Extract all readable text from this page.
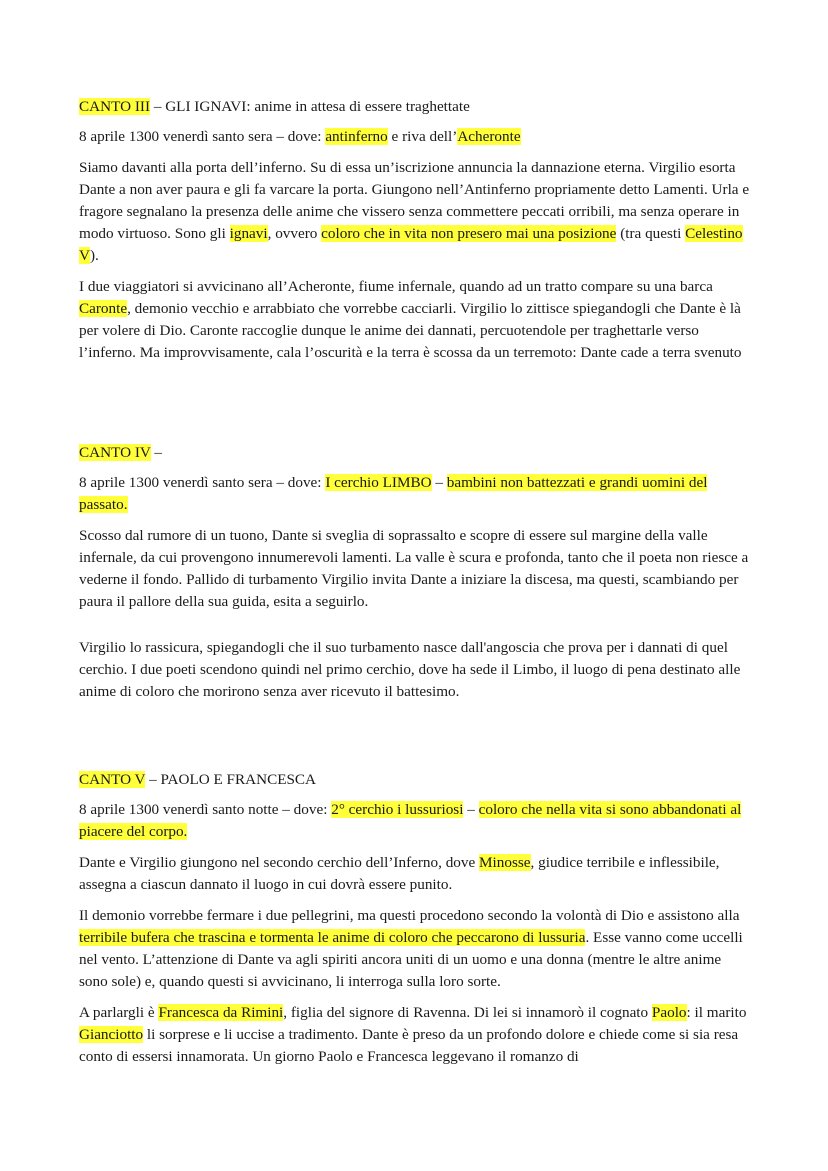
CANTO III – GLI IGNAVI: anime in attesa di essere traghettate

8 aprile 1300 venerdì santo sera – dove: antinferno e riva dell’Acheronte

Siamo davanti alla porta dell’inferno. Su di essa un’iscrizione annuncia la dannazione eterna. Virgilio esorta Dante a non aver paura e gli fa varcare la porta. Giungono nell’Antinferno propriamente detto Lamenti. Urla e fragore segnalano la presenza delle anime che vissero senza commettere peccati orribili, ma senza operare in modo virtuoso. Sono gli ignavi, ovvero coloro che in vita non presero mai una posizione (tra questi Celestino V).

I due viaggiatori si avvicinano all’Acheronte, fiume infernale, quando ad un tratto compare su una barca Caronte, demonio vecchio e arrabbiato che vorrebbe cacciarli. Virgilio lo zittisce spiegandogli che Dante è là per volere di Dio. Caronte raccoglie dunque le anime dei dannati, percuotendole per traghettarle verso l’inferno. Ma improvvisamente, cala l’oscurità e la terra è scossa da un terremoto: Dante cade a terra svenuto

CANTO IV –

8 aprile 1300 venerdì santo sera – dove: I cerchio LIMBO – bambini non battezzati e grandi uomini del passato.

Scosso dal rumore di un tuono, Dante si sveglia di soprassalto e scopre di essere sul margine della valle infernale, da cui provengono innumerevoli lamenti. La valle è scura e profonda, tanto che il poeta non riesce a vederne il fondo. Pallido di turbamento Virgilio invita Dante a iniziare la discesa, ma questi, scambiando per paura il pallore della sua guida, esita a seguirlo.

Virgilio lo rassicura, spiegandogli che il suo turbamento nasce dall'angoscia che prova per i dannati di quel cerchio. I due poeti scendono quindi nel primo cerchio, dove ha sede il Limbo, il luogo di pena destinato alle anime di coloro che morirono senza aver ricevuto il battesimo.

CANTO V – PAOLO E FRANCESCA

8 aprile 1300 venerdì santo notte – dove: 2° cerchio i lussuriosi – coloro che nella vita si sono abbandonati al piacere del corpo.

Dante e Virgilio giungono nel secondo cerchio dell’Inferno, dove Minosse, giudice terribile e inflessibile, assegna a ciascun dannato il luogo in cui dovrà essere punito.

Il demonio vorrebbe fermare i due pellegrini, ma questi procedono secondo la volontà di Dio e assistono alla terribile bufera che trascina e tormenta le anime di coloro che peccarono di lussuria. Esse vanno come uccelli nel vento. L’attenzione di Dante va agli spiriti ancora uniti di un uomo e una donna (mentre le altre anime sono sole) e, quando questi si avvicinano, li interroga sulla loro sorte.

A parlargli è Francesca da Rimini, figlia del signore di Ravenna. Di lei si innamorò il cognato Paolo: il marito Gianciotto li sorprese e li uccise a tradimento. Dante è preso da un profondo dolore e chiede come si sia resa conto di essersi innamorata. Un giorno Paolo e Francesca leggevano il romanzo di
